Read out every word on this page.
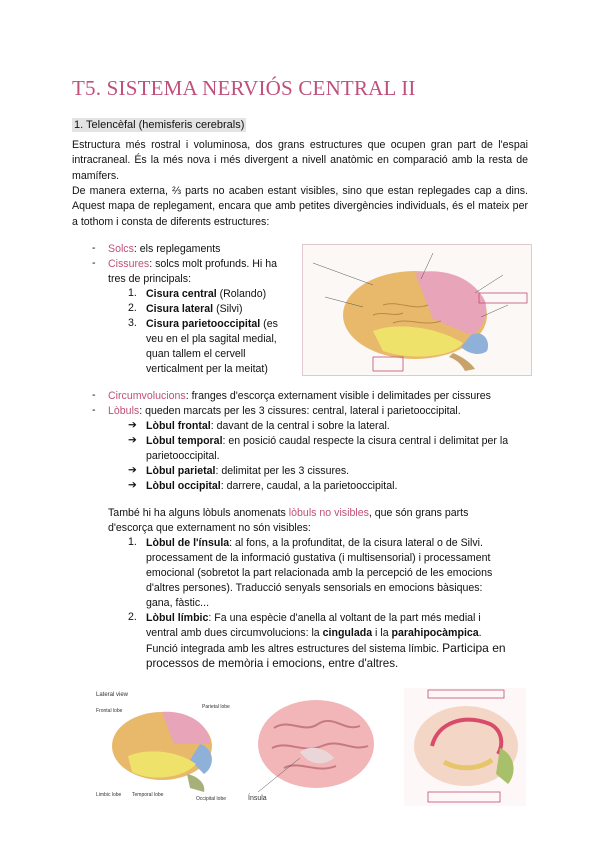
T5. SISTEMA NERVIÓS CENTRAL II
1. Telencèfal (hemisferis cerebrals)
Estructura més rostral i voluminosa, dos grans estructures que ocupen gran part de l'espai intracraneal. És la més nova i més divergent a nivell anatòmic en comparació amb la resta de mamífers.
De manera externa, ⅔ parts no acaben estant visibles, sino que estan replegades cap a dins. Aquest mapa de replegament, encara que amb petites divergències individuals, és el mateix per a tothom i consta de diferents estructures:
- Solcs: els replegaments
- Cissures: solcs molt profunds. Hi ha
tres de principals:
1. Cisura central (Rolando)
2. Cisura lateral (Silvi)
3. Cisura parietooccipital (es
veu en el pla sagital medial,
quan tallem el cervell
verticalment per la meitat)
- Circumvolucions: franges d'escorça externament visible i delimitades per cissures
- Lòbuls: queden marcats per les 3 cissures: central, lateral i parietooccipital.
➔ Lòbul frontal: davant de la central i sobre la lateral.
➔ Lòbul temporal: en posició caudal respecte la cisura central i delimitat per la
parietooccipital.
➔ Lòbul parietal: delimitat per les 3 cissures.
➔ Lòbul occipital: darrere, caudal, a la parietooccipital.
També hi ha alguns lòbuls anomenats lòbuls no visibles, que són grans parts
d'escorça que externament no són visibles:
1. Lòbul de l'ínsula: al fons, a la profunditat, de la cisura lateral o de Silvi.
processament de la informació gustativa (i multisensorial) i processament
emocional (sobretot la part relacionada amb la percepció de les emocions
d'altres persones). Traducció senyals sensorials en emocions bàsiques:
gana, fàstic...
2. Lòbul límbic: Fa una espècie d'anella al voltant de la part més medial i
ventral amb dues circumvolucions: la cingulada i la parahipocàmpica.
Funció integrada amb les altres estructures del sistema límbic. Participa en
processos de memòria i emocions, entre d'altres.
Lateral view
Frontal lobe
Parietal lobe
Limbic lobe Temporal lobe
Occipital lobe	Ínsula
